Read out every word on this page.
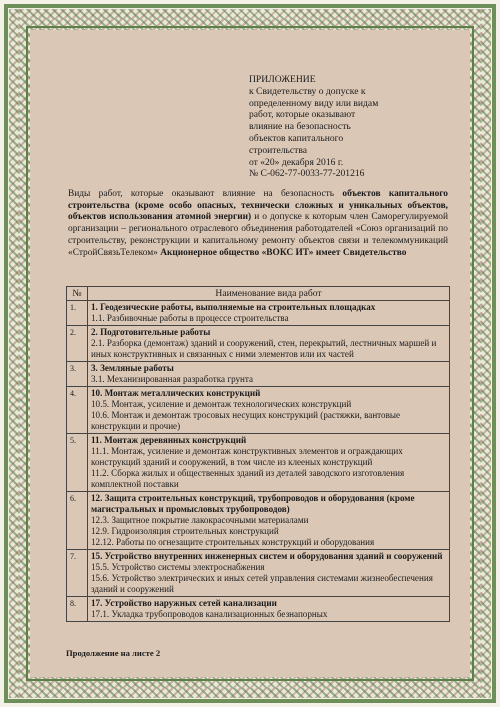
ПРИЛОЖЕНИЕ
к Свидетельству о допуске к
определенному виду или видам
работ, которые оказывают
влияние на безопасность
объектов капитального
строительства
от «20» декабря 2016 г.
№ С-062-77-0033-77-201216
Виды работ, которые оказывают влияние на безопасность объектов капитального строительства (кроме особо опасных, технически сложных и уникальных объектов, объектов использования атомной энергии) и о допуске к которым член Саморегулируемой организации – регионального отраслевого объединения работодателей «Союз организаций по строительству, реконструкции и капитальному ремонту объектов связи и телекоммуникаций «СтройСвязьТелеком» Акционерное общество «ВОКС ИТ» имеет Свидетельство
№	Наименование вида работ
1.	1. Геодезические работы, выполняемые на строительных площадках
1.1. Разбивочные работы в процессе строительства

2.	2. Подготовительные работы
2.1. Разборка (демонтаж) зданий и сооружений, стен, перекрытий, лестничных маршей и иных конструктивных и связанных с ними элементов или их частей

3.	3. Земляные работы
3.1. Механизированная разработка грунта

4.	10. Монтаж металлических конструкций
10.5. Монтаж, усиление и демонтаж технологических конструкций
10.6. Монтаж и демонтаж тросовых несущих конструкций (растяжки, вантовые конструкции и прочие)

5.	11. Монтаж деревянных конструкций
11.1. Монтаж, усиление и демонтаж конструктивных элементов и ограждающих конструкций зданий и сооружений, в том числе из клееных конструкций
11.2. Сборка жилых и общественных зданий из деталей заводского изготовления комплектной поставки

6.	12. Защита строительных конструкций, трубопроводов и оборудования (кроме магистральных и промысловых трубопроводов)
12.3. Защитное покрытие лакокрасочными материалами
12.9. Гидроизоляция строительных конструкций
12.12. Работы по огнезащите строительных конструкций и оборудования

7.	15. Устройство внутренних инженерных систем и оборудования зданий и сооружений
15.5. Устройство системы электроснабжения
15.6. Устройство электрических и иных сетей управления системами жизнеобеспечения зданий и сооружений

8.	17. Устройство наружных сетей канализации
17.1. Укладка трубопроводов канализационных безнапорных
Продолжение на листе 2
